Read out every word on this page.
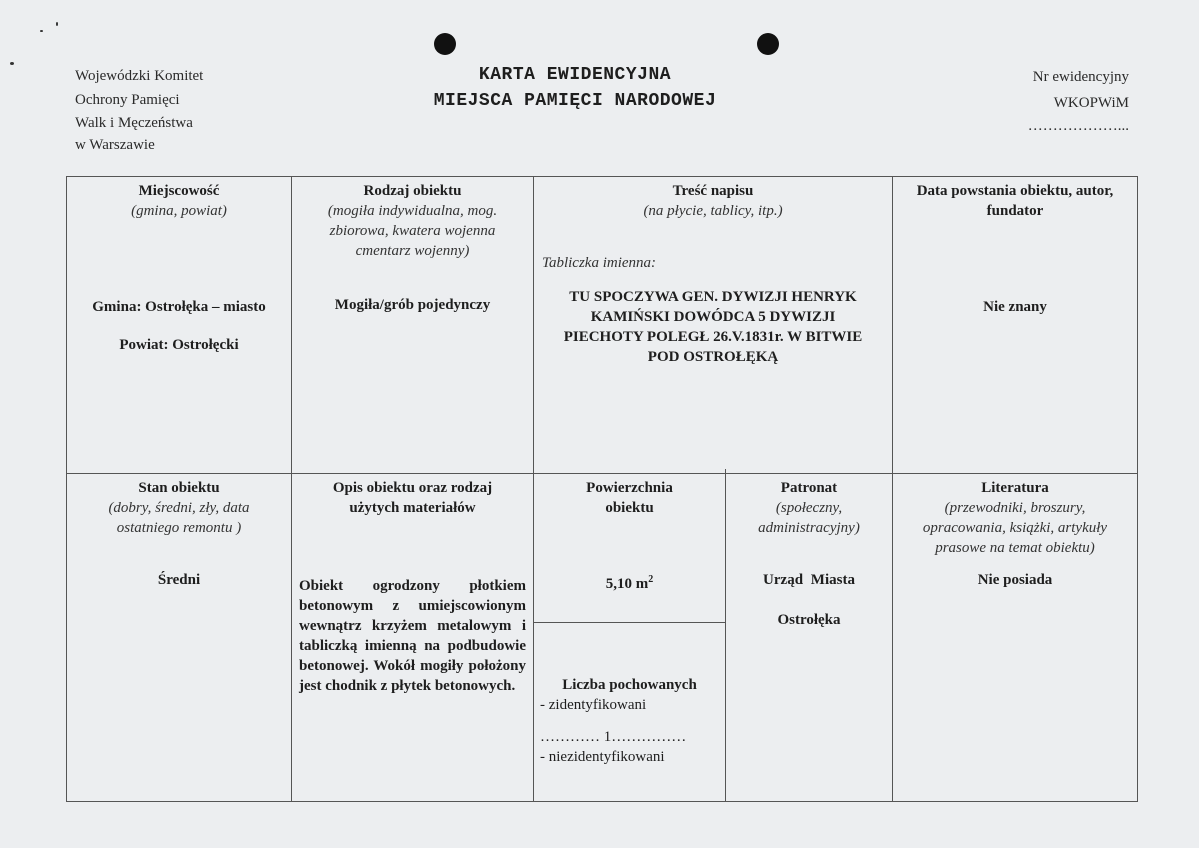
Wojewódzki Komitet
Ochrony Pamięci
Walk i Męczeństwa
w Warszawie
KARTA EWIDENCYJNA
MIEJSCA PAMIĘCI NARODOWEJ
Nr ewidencyjny
WKOPWiM
………………...
Miejscowość
(gmina, powiat)
Gmina: Ostrołęka – miasto
Powiat: Ostrołęcki
Rodzaj obiektu
(mogiła indywidualna, mog. zbiorowa, kwatera wojenna cmentarz wojenny)
Mogiła/grób pojedynczy
Treść napisu
(na płycie, tablicy, itp.)
Tabliczka imienna:
TU SPOCZYWA GEN. DYWIZJI HENRYK KAMIŃSKI DOWÓDCA 5 DYWIZJI PIECHOTY POLEGŁ 26.V.1831r. W BITWIE POD OSTROŁĘKĄ
Data powstania obiektu, autor, fundator
Nie znany
Stan obiektu
(dobry, średni, zły, data ostatniego remontu )
Średni
Opis obiektu oraz rodzaj użytych materiałów
Obiekt ogrodzony płotkiem betonowym z umiejscowionym wewnątrz krzyżem metalowym i tabliczką imienną na podbudowie betonowej. Wokół mogiły położony jest chodnik z płytek betonowych.
Powierzchnia obiektu
5,10 $m^2$
Liczba pochowanych
- zidentyfikowani
………… 1……………
- niezidentyfikowani
Patronat
(społeczny, administracyjny)
Urząd Miasta
Ostrołęka
Literatura
(przewodniki, broszury, opracowania, książki, artykuły prasowe na temat obiektu)
Nie posiada
